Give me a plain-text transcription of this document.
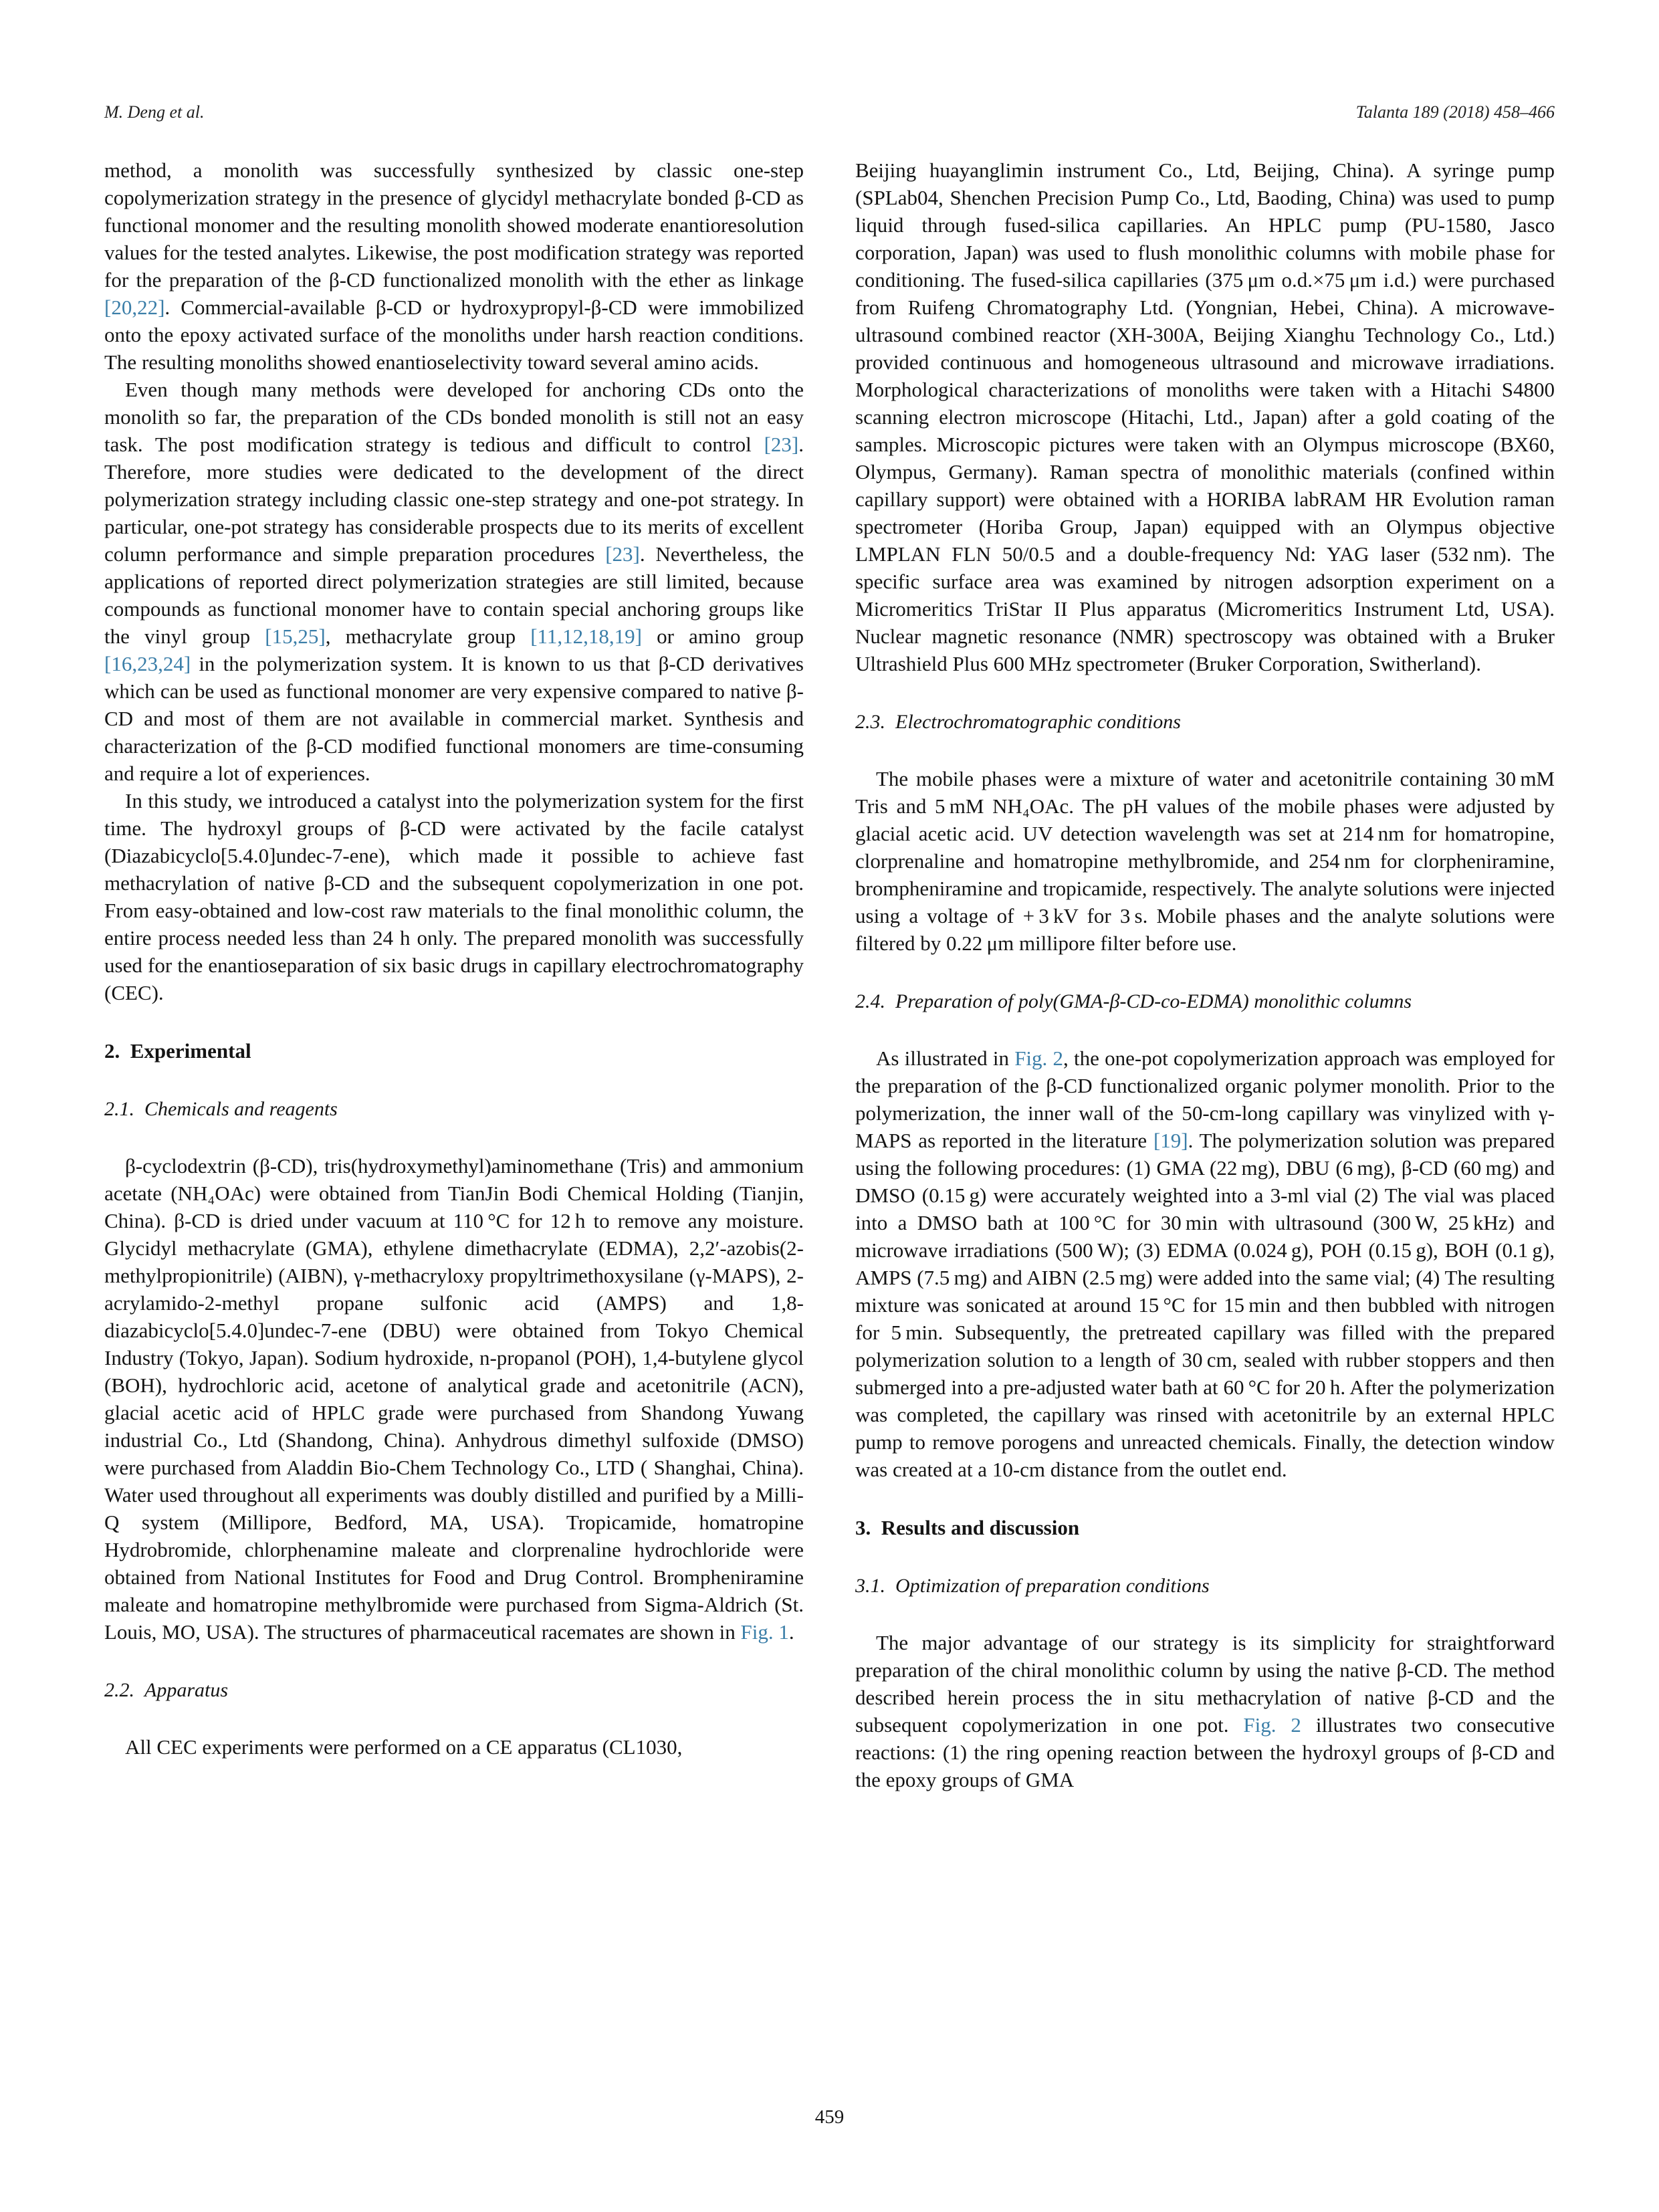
M. Deng et al.	Talanta 189 (2018) 458–466

method, a monolith was successfully synthesized by classic one-step copolymerization strategy in the presence of glycidyl methacrylate bonded β-CD as functional monomer and the resulting monolith showed moderate enantioresolution values for the tested analytes. Likewise, the post modification strategy was reported for the preparation of the β-CD functionalized monolith with the ether as linkage [20,22]. Commercial-available β-CD or hydroxypropyl-β-CD were immobilized onto the epoxy activated surface of the monoliths under harsh reaction conditions. The resulting monoliths showed enantioselectivity toward several amino acids.

Even though many methods were developed for anchoring CDs onto the monolith so far, the preparation of the CDs bonded monolith is still not an easy task. The post modification strategy is tedious and difficult to control [23]. Therefore, more studies were dedicated to the development of the direct polymerization strategy including classic one-step strategy and one-pot strategy. In particular, one-pot strategy has considerable prospects due to its merits of excellent column performance and simple preparation procedures [23]. Nevertheless, the applications of reported direct polymerization strategies are still limited, because compounds as functional monomer have to contain special anchoring groups like the vinyl group [15,25], methacrylate group [11,12,18,19] or amino group [16,23,24] in the polymerization system. It is known to us that β-CD derivatives which can be used as functional monomer are very expensive compared to native β-CD and most of them are not available in commercial market. Synthesis and characterization of the β-CD modified functional monomers are time-consuming and require a lot of experiences.

In this study, we introduced a catalyst into the polymerization system for the first time. The hydroxyl groups of β-CD were activated by the facile catalyst (Diazabicyclo[5.4.0]undec-7-ene), which made it possible to achieve fast methacrylation of native β-CD and the subsequent copolymerization in one pot. From easy-obtained and low-cost raw materials to the final monolithic column, the entire process needed less than 24 h only. The prepared monolith was successfully used for the enantioseparation of six basic drugs in capillary electrochromatography (CEC).

2. Experimental
2.1. Chemicals and reagents

β-cyclodextrin (β-CD), tris(hydroxymethyl)aminomethane (Tris) and ammonium acetate (NH₄OAc) were obtained from TianJin Bodi Chemical Holding (Tianjin, China). β-CD is dried under vacuum at 110 °C for 12 h to remove any moisture. Glycidyl methacrylate (GMA), ethylene dimethacrylate (EDMA), 2,2′-azobis(2-methylpropionitrile) (AIBN), γ-methacryloxy propyltrimethoxysilane (γ-MAPS), 2-acrylamido-2-methyl propane sulfonic acid (AMPS) and 1,8-diazabicyclo[5.4.0]undec-7-ene (DBU) were obtained from Tokyo Chemical Industry (Tokyo, Japan). Sodium hydroxide, n-propanol (POH), 1,4-butylene glycol (BOH), hydrochloric acid, acetone of analytical grade and acetonitrile (ACN), glacial acetic acid of HPLC grade were purchased from Shandong Yuwang industrial Co., Ltd (Shandong, China). Anhydrous dimethyl sulfoxide (DMSO) were purchased from Aladdin Bio-Chem Technology Co., LTD ( Shanghai, China). Water used throughout all experiments was doubly distilled and purified by a Milli-Q system (Millipore, Bedford, MA, USA). Tropicamide, homatropine Hydrobromide, chlorphenamine maleate and clorprenaline hydrochloride were obtained from National Institutes for Food and Drug Control. Brompheniramine maleate and homatropine methylbromide were purchased from Sigma-Aldrich (St. Louis, MO, USA). The structures of pharmaceutical racemates are shown in Fig. 1.

2.2. Apparatus

All CEC experiments were performed on a CE apparatus (CL1030,

Beijing huayanglimin instrument Co., Ltd, Beijing, China). A syringe pump (SPLab04, Shenchen Precision Pump Co., Ltd, Baoding, China) was used to pump liquid through fused-silica capillaries. An HPLC pump (PU-1580, Jasco corporation, Japan) was used to flush monolithic columns with mobile phase for conditioning. The fused-silica capillaries (375 μm o.d.×75 μm i.d.) were purchased from Ruifeng Chromatography Ltd. (Yongnian, Hebei, China). A microwave-ultrasound combined reactor (XH-300A, Beijing Xianghu Technology Co., Ltd.) provided continuous and homogeneous ultrasound and microwave irradiations. Morphological characterizations of monoliths were taken with a Hitachi S4800 scanning electron microscope (Hitachi, Ltd., Japan) after a gold coating of the samples. Microscopic pictures were taken with an Olympus microscope (BX60, Olympus, Germany). Raman spectra of monolithic materials (confined within capillary support) were obtained with a HORIBA labRAM HR Evolution raman spectrometer (Horiba Group, Japan) equipped with an Olympus objective LMPLAN FLN 50/0.5 and a double-frequency Nd: YAG laser (532 nm). The specific surface area was examined by nitrogen adsorption experiment on a Micromeritics TriStar II Plus apparatus (Micromeritics Instrument Ltd, USA). Nuclear magnetic resonance (NMR) spectroscopy was obtained with a Bruker Ultrashield Plus 600 MHz spectrometer (Bruker Corporation, Switherland).

2.3. Electrochromatographic conditions

The mobile phases were a mixture of water and acetonitrile containing 30 mM Tris and 5 mM NH₄OAc. The pH values of the mobile phases were adjusted by glacial acetic acid. UV detection wavelength was set at 214 nm for homatropine, clorprenaline and homatropine methylbromide, and 254 nm for clorpheniramine, brompheniramine and tropicamide, respectively. The analyte solutions were injected using a voltage of + 3 kV for 3 s. Mobile phases and the analyte solutions were filtered by 0.22 μm millipore filter before use.

2.4. Preparation of poly(GMA-β-CD-co-EDMA) monolithic columns

As illustrated in Fig. 2, the one-pot copolymerization approach was employed for the preparation of the β-CD functionalized organic polymer monolith. Prior to the polymerization, the inner wall of the 50-cm-long capillary was vinylized with γ-MAPS as reported in the literature [19]. The polymerization solution was prepared using the following procedures: (1) GMA (22 mg), DBU (6 mg), β-CD (60 mg) and DMSO (0.15 g) were accurately weighted into a 3-ml vial (2) The vial was placed into a DMSO bath at 100 °C for 30 min with ultrasound (300 W, 25 kHz) and microwave irradiations (500 W); (3) EDMA (0.024 g), POH (0.15 g), BOH (0.1 g), AMPS (7.5 mg) and AIBN (2.5 mg) were added into the same vial; (4) The resulting mixture was sonicated at around 15 °C for 15 min and then bubbled with nitrogen for 5 min. Subsequently, the pretreated capillary was filled with the prepared polymerization solution to a length of 30 cm, sealed with rubber stoppers and then submerged into a pre-adjusted water bath at 60 °C for 20 h. After the polymerization was completed, the capillary was rinsed with acetonitrile by an external HPLC pump to remove porogens and unreacted chemicals. Finally, the detection window was created at a 10-cm distance from the outlet end.

3. Results and discussion
3.1. Optimization of preparation conditions

The major advantage of our strategy is its simplicity for straightforward preparation of the chiral monolithic column by using the native β-CD. The method described herein process the in situ methacrylation of native β-CD and the subsequent copolymerization in one pot. Fig. 2 illustrates two consecutive reactions: (1) the ring opening reaction between the hydroxyl groups of β-CD and the epoxy groups of GMA

459
